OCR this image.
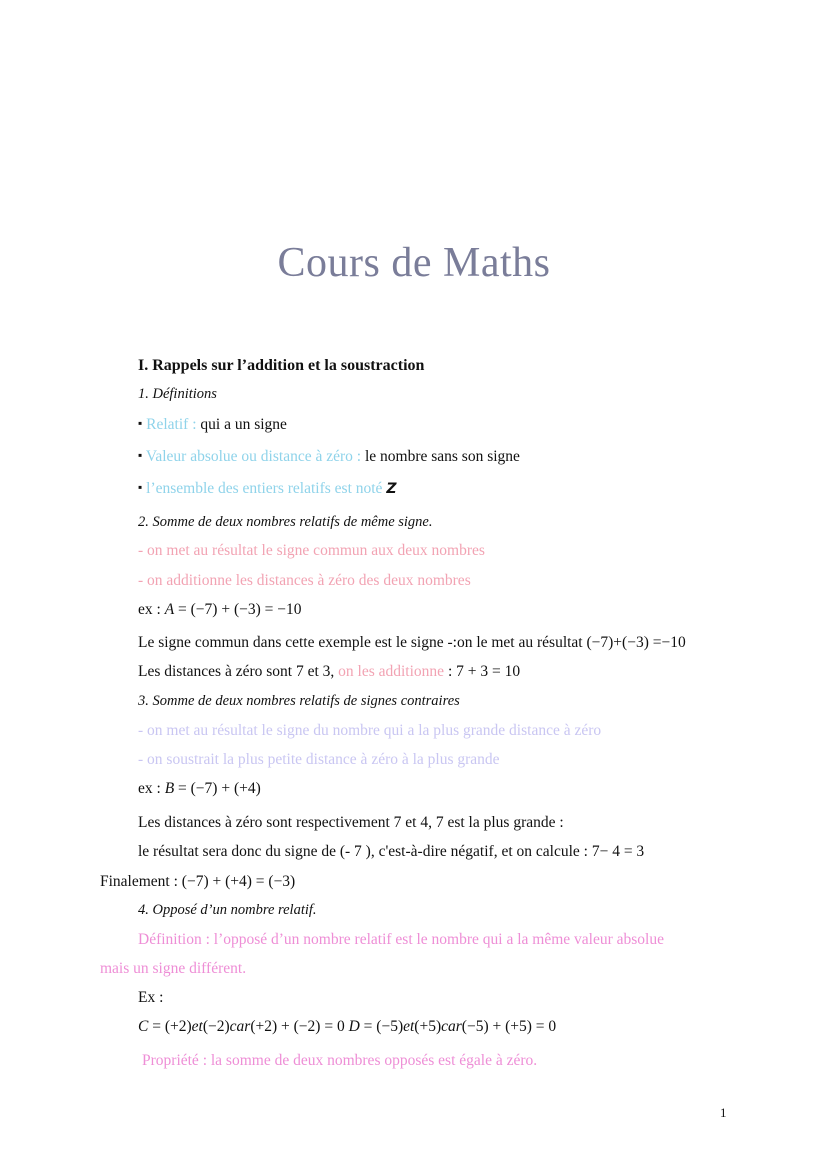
Cours de Maths
I. Rappels sur l’addition et la soustraction
1. Définitions
▪ Relatif : qui a un signe
▪ Valeur absolue ou distance à zéro : le nombre sans son signe
▪ l’ensemble des entiers relatifs est noté Z
2. Somme de deux nombres relatifs de même signe.
- on met au résultat le signe commun aux deux nombres
- on additionne les distances à zéro des deux nombres
ex : A = (−7) + (−3) = −10
Le signe commun dans cette exemple est le signe -:on le met au résultat (−7)+(−3) =−10
Les distances à zéro sont 7 et 3, on les additionne : 7 + 3 = 10
3. Somme de deux nombres relatifs de signes contraires
- on met au résultat le signe du nombre qui a la plus grande distance à zéro
- on soustrait la plus petite distance à zéro à la plus grande
ex : B = (−7) + (+4)
Les distances à zéro sont respectivement 7 et 4, 7 est la plus grande :
le résultat sera donc du signe de (- 7 ), c'est-à-dire négatif, et on calcule : 7− 4 = 3
Finalement : (−7) + (+4) = (−3)
4. Opposé d’un nombre relatif.
Définition : l’opposé d’un nombre relatif est le nombre qui a la même valeur absolue
mais un signe différent.
Ex :
C = (+2)et(−2)car(+2) + (−2) = 0 D = (−5)et(+5)car(−5) + (+5) = 0
Propriété : la somme de deux nombres opposés est égale à zéro.
1
